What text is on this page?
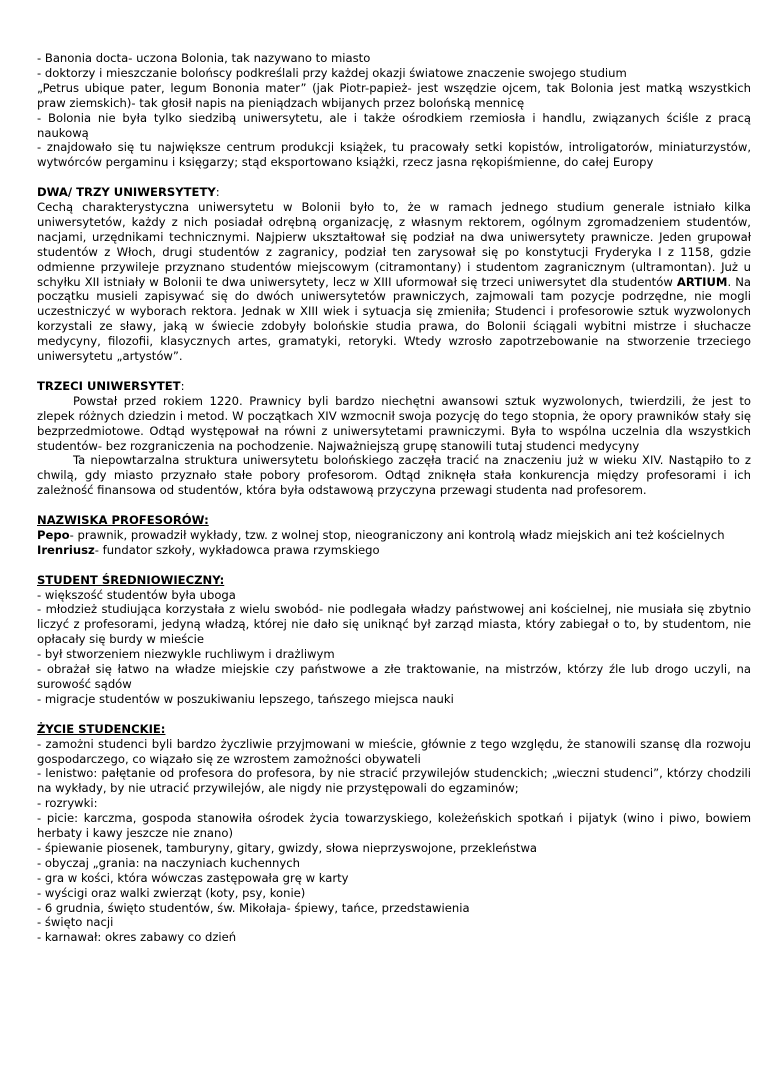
- Banonia docta- uczona Bolonia, tak nazywano to miasto

- doktorzy i mieszczanie bolońscy podkreślali przy każdej okazji światowe znaczenie swojego studium

„Petrus ubique pater, legum Bononia mater” (jak Piotr-papież- jest wszędzie ojcem, tak Bolonia jest matką wszystkich praw ziemskich)- tak głosił napis na pieniądzach wbijanych przez bolońską mennicę

- Bolonia nie była tylko siedzibą uniwersytetu, ale i także ośrodkiem rzemiosła i handlu, związanych ściśle z pracą naukową

- znajdowało się tu największe centrum produkcji książek, tu pracowały setki kopistów, introligatorów, miniaturzystów, wytwórców pergaminu i księgarzy; stąd eksportowano książki, rzecz jasna rękopiśmienne, do całej Europy

DWA/ TRZY UNIWERSYTETY:

Cechą charakterystyczna uniwersytetu w Bolonii było to, że w ramach jednego studium generale istniało kilka uniwersytetów, każdy z nich posiadał odrębną organizację, z własnym rektorem, ogólnym zgromadzeniem studentów, nacjami, urzędnikami technicznymi. Najpierw ukształtował się podział na dwa uniwersytety prawnicze. Jeden grupował studentów z Włoch, drugi studentów z zagranicy, podział ten zarysował się po konstytucji Fryderyka I z 1158, gdzie odmienne przywileje przyznano studentów miejscowym (citramontany) i studentom zagranicznym (ultramontan). Już u schyłku XII istniały w Bolonii te dwa uniwersytety, lecz w XIII uformował się trzeci uniwersytet dla studentów ARTIUM. Na początku musieli zapisywać się do dwóch uniwersytetów prawniczych, zajmowali tam pozycje podrzędne, nie mogli uczestniczyć w wyborach rektora. Jednak w XIII wiek i sytuacja się zmieniła; Studenci i profesorowie sztuk wyzwolonych korzystali ze sławy, jaką w świecie zdobyły bolońskie studia prawa, do Bolonii ściągali wybitni mistrze i słuchacze medycyny, filozofii, klasycznych artes, gramatyki, retoryki. Wtedy wzrosło zapotrzebowanie na stworzenie trzeciego uniwersytetu „artystów”.

TRZECI UNIWERSYTET:

Powstał przed rokiem 1220. Prawnicy byli bardzo niechętni awansowi sztuk wyzwolonych, twierdzili, że jest to zlepek różnych dziedzin i metod. W początkach XIV wzmocnił swoja pozycję do tego stopnia, że opory prawników stały się bezprzedmiotowe. Odtąd występował na równi z uniwersytetami prawniczymi. Była to wspólna uczelnia dla wszystkich studentów- bez rozgraniczenia na pochodzenie. Najważniejszą grupę stanowili tutaj studenci medycyny

Ta niepowtarzalna struktura uniwersytetu bolońskiego zaczęła tracić na znaczeniu już w wieku XIV. Nastąpiło to z chwilą, gdy miasto przyznało stałe pobory profesorom. Odtąd zniknęła stała konkurencja między profesorami i ich zależność finansowa od studentów, która była odstawową przyczyna przewagi studenta nad profesorem.

NAZWISKA PROFESORÓW:

Pepo- prawnik, prowadził wykłady, tzw. z wolnej stop, nieograniczony ani kontrolą władz miejskich ani też kościelnych

Irenriusz- fundator szkoły, wykładowca prawa rzymskiego

STUDENT ŚREDNIOWIECZNY:

- większość studentów była uboga

- młodzież studiująca korzystała z wielu swobód- nie podlegała władzy państwowej ani kościelnej, nie musiała się zbytnio liczyć z profesorami, jedyną władzą, której nie dało się uniknąć był zarząd miasta, który zabiegał o to, by studentom, nie opłacały się burdy w mieście

- był stworzeniem niezwykle ruchliwym i drażliwym

- obrażał się łatwo na władze miejskie czy państwowe a złe traktowanie, na mistrzów, którzy źle lub drogo uczyli, na surowość sądów

- migracje studentów w poszukiwaniu lepszego, tańszego miejsca nauki

ŻYCIE STUDENCKIE:

- zamożni studenci byli bardzo życzliwie przyjmowani w mieście, głównie z tego względu, że stanowili szansę dla rozwoju gospodarczego, co wiązało się ze wzrostem zamożności obywateli

- lenistwo: pałętanie od profesora do profesora, by nie stracić przywilejów studenckich; „wieczni studenci”, którzy chodzili na wykłady, by nie utracić przywilejów, ale nigdy nie przystępowali do egzaminów;

- rozrywki:

- picie: karczma, gospoda stanowiła ośrodek życia towarzyskiego, koleżeńskich spotkań i pijatyk (wino i piwo, bowiem herbaty i kawy jeszcze nie znano)

- śpiewanie piosenek, tamburyny, gitary, gwizdy, słowa nieprzyswojone, przekleństwa

- obyczaj „grania: na naczyniach kuchennych

- gra w kości, która wówczas zastępowała grę w karty

- wyścigi oraz walki zwierząt (koty, psy, konie)

- 6 grudnia, święto studentów, św. Mikołaja- śpiewy, tańce, przedstawienia

- święto nacji

- karnawał: okres zabawy co dzień
